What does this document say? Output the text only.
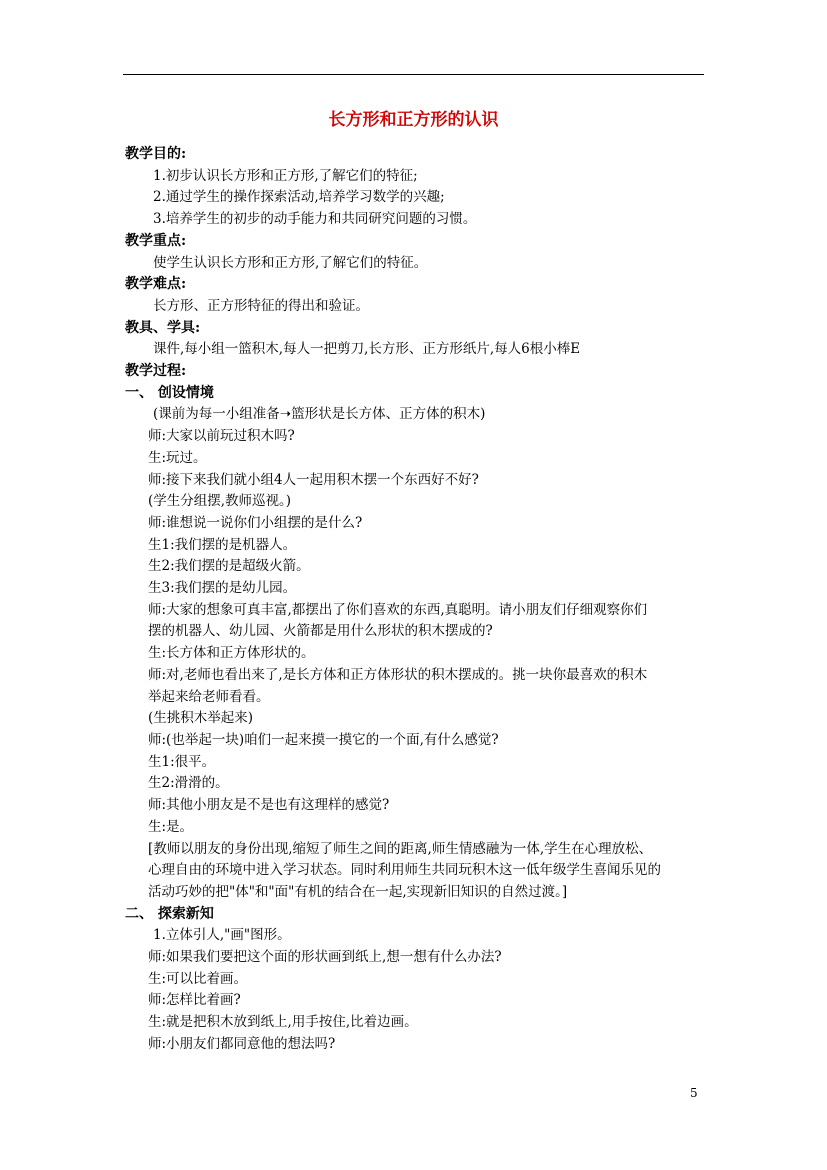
长方形和正方形的认识
教学目的:
1.初步认识长方形和正方形,了解它们的特征;
2.通过学生的操作探索活动,培养学习数学的兴趣;
3.培养学生的初步的动手能力和共同研究问题的习惯。
教学重点:
使学生认识长方形和正方形,了解它们的特征。
教学难点:
长方形、正方形特征的得出和验证。
教具、学具:
课件,每小组一篮积木,每人一把剪刀,长方形、正方形纸片,每人6根小棒E
教学过程:
一、 创设情境
(课前为每一小组准备➝篮形状是长方体、正方体的积木)
师:大家以前玩过积木吗?
生:玩过。
师:接下来我们就小组4人一起用积木摆一个东西好不好?
(学生分组摆,教师巡视。)
师:谁想说一说你们小组摆的是什么?
生1:我们摆的是机器人。
生2:我们摆的是超级火箭。
生3:我们摆的是幼儿园。
师:大家的想象可真丰富,都摆出了你们喜欢的东西,真聪明。请小朋友们仔细观察你们
摆的机器人、幼儿园、火箭都是用什么形状的积木摆成的?
生:长方体和正方体形状的。
师:对,老师也看出来了,是长方体和正方体形状的积木摆成的。挑一块你最喜欢的积木
举起来给老师看看。
(生挑积木举起来)
师:(也举起一块)咱们一起来摸一摸它的一个面,有什么感觉?
生1:很平。
生2:滑滑的。
师:其他小朋友是不是也有这理样的感觉?
生:是。
[教师以朋友的身份出现,缩短了师生之间的距离,师生情感融为一体,学生在心理放松、
心理自由的环境中进入学习状态。同时利用师生共同玩积木这一低年级学生喜闻乐见的
活动巧妙的把"体"和"面"有机的结合在一起,实现新旧知识的自然过渡。]
二、 探索新知
1.立体引人,"画"图形。
师:如果我们要把这个面的形状画到纸上,想一想有什么办法?
生:可以比着画。
师:怎样比着画?
生:就是把积木放到纸上,用手按住,比着边画。
师:小朋友们都同意他的想法吗?
5
